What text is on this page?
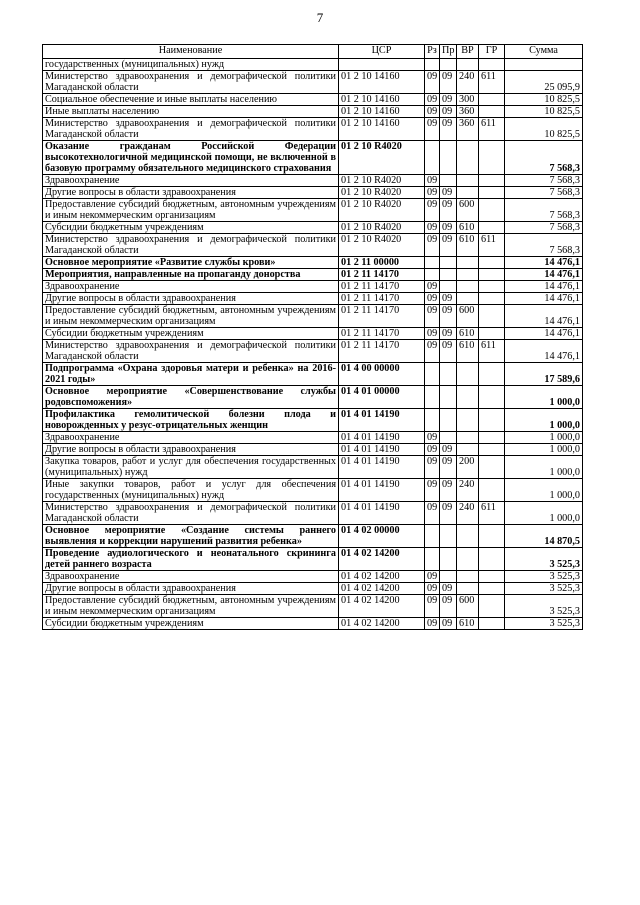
7
Наименование	ЦСР	Рз	Пр	ВР	ГР	Сумма
государственных (муниципальных) нужд						
Министерство здравоохранения и демографической политики Магаданской области	01 2 10 14160	09	09	240	611	25 095,9
Социальное обеспечение и иные выплаты населению	01 2 10 14160	09	09	300		10 825,5
Иные выплаты населению	01 2 10 14160	09	09	360		10 825,5
Министерство здравоохранения и демографической политики Магаданской области	01 2 10 14160	09	09	360	611	10 825,5
Оказание гражданам Российской Федерации высокотехнологичной медицинской помощи, не включенной в базовую программу обязательного медицинского страхования	01 2 10 R4020					7 568,3
Здравоохранение	01 2 10 R4020	09				7 568,3
Другие вопросы в области здравоохранения	01 2 10 R4020	09	09			7 568,3
Предоставление субсидий бюджетным, автономным учреждениям и иным некоммерческим организациям	01 2 10 R4020	09	09	600		7 568,3
Субсидии бюджетным учреждениям	01 2 10 R4020	09	09	610		7 568,3
Министерство здравоохранения и демографической политики Магаданской области	01 2 10 R4020	09	09	610	611	7 568,3
Основное мероприятие «Развитие службы крови»	01 2 11 00000					14 476,1
Мероприятия, направленные на пропаганду донорства	01 2 11 14170					14 476,1
Здравоохранение	01 2 11 14170	09				14 476,1
Другие вопросы в области здравоохранения	01 2 11 14170	09	09			14 476,1
Предоставление субсидий бюджетным, автономным учреждениям и иным некоммерческим организациям	01 2 11 14170	09	09	600		14 476,1
Субсидии бюджетным учреждениям	01 2 11 14170	09	09	610		14 476,1
Министерство здравоохранения и демографической политики Магаданской области	01 2 11 14170	09	09	610	611	14 476,1
Подпрограмма «Охрана здоровья матери и ребенка» на 2016-2021 годы»	01 4 00 00000					17 589,6
Основное мероприятие «Совершенствование службы родовспоможения»	01 4 01 00000					1 000,0
Профилактика гемолитической болезни плода и новорожденных у резус-отрицательных женщин	01 4 01 14190					1 000,0
Здравоохранение	01 4 01 14190	09				1 000,0
Другие вопросы в области здравоохранения	01 4 01 14190	09	09			1 000,0
Закупка товаров, работ и услуг для обеспечения государственных (муниципальных) нужд	01 4 01 14190	09	09	200		1 000,0
Иные закупки товаров, работ и услуг для обеспечения государственных (муниципальных) нужд	01 4 01 14190	09	09	240		1 000,0
Министерство здравоохранения и демографической политики Магаданской области	01 4 01 14190	09	09	240	611	1 000,0
Основное мероприятие «Создание системы раннего выявления и коррекции нарушений развития ребенка»	01 4 02 00000					14 870,5
Проведение аудиологического и неонатального скрининга детей раннего возраста	01 4 02 14200					3 525,3
Здравоохранение	01 4 02 14200	09				3 525,3
Другие вопросы в области здравоохранения	01 4 02 14200	09	09			3 525,3
Предоставление субсидий бюджетным, автономным учреждениям и иным некоммерческим организациям	01 4 02 14200	09	09	600		3 525,3
Субсидии бюджетным учреждениям	01 4 02 14200	09	09	610		3 525,3
